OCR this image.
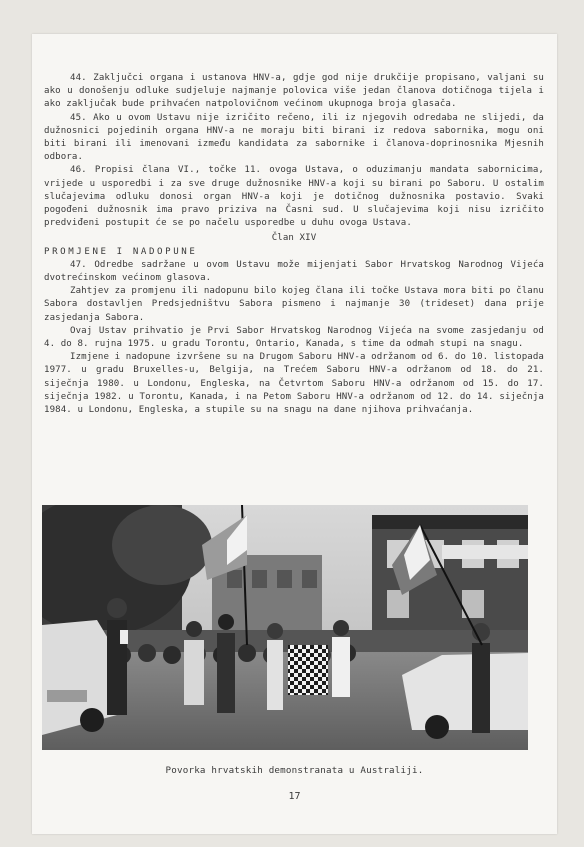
44. Zaključci organa i ustanova HNV-a, gdje god nije drukčije propisano, valjani su ako u donošenju odluke sudjeluje najmanje polovica više jedan članova dotičnoga tijela i ako zaključak bude prihvaćen natpolovičnom većinom ukupnoga broja glasača.

45. Ako u ovom Ustavu nije izričito rečeno, ili iz njegovih odredaba ne slijedi, da dužnosnici pojedinih organa HNV-a ne moraju biti birani iz redova sabornika, mogu oni biti birani ili imenovani između kandidata za sabornike i članova-doprinosnika Mjesnih odbora.

46. Propisi člana VI., točke 11. ovoga Ustava, o oduzimanju mandata sabornicima, vrijede u usporedbi i za sve druge dužnosnike HNV-a koji su birani po Saboru. U ostalim slučajevima odluku donosi organ HNV-a koji je dotičnog dužnosnika postavio. Svaki pogođeni dužnosnik ima pravo priziva na Časni sud. U slučajevima koji nisu izričito predviđeni postupit će se po načelu usporedbe u duhu ovoga Ustava.

Član XIV

PROMJENE I NADOPUNE

47. Odredbe sadržane u ovom Ustavu može mijenjati Sabor Hrvatskog Narodnog Vijeća dvotrećinskom većinom glasova.

Zahtjev za promjenu ili nadopunu bilo kojeg člana ili točke Ustava mora biti po članu Sabora dostavljen Predsjedništvu Sabora pismeno i najmanje 30 (trideset) dana prije zasjedanja Sabora.

Ovaj Ustav prihvatio je Prvi Sabor Hrvatskog Narodnog Vijeća na svome zasjedanju od 4. do 8. rujna 1975. u gradu Torontu, Ontario, Kanada, s time da odmah stupi na snagu.

Izmjene i nadopune izvršene su na Drugom Saboru HNV-a održanom od 6. do 10. listopada 1977. u gradu Bruxelles-u, Belgija, na Trećem Saboru HNV-a održanom od 18. do 21. siječnja 1980. u Londonu, Engleska, na Četvrtom Saboru HNV-a održanom od 15. do 17. siječnja 1982. u Torontu, Kanada, i na Petom Saboru HNV-a održanom od 12. do 14. siječnja 1984. u Londonu, Engleska, a stupile su na snagu na dane njihova prihvaćanja.

Povorka hrvatskih demonstranata u Australiji.
17
